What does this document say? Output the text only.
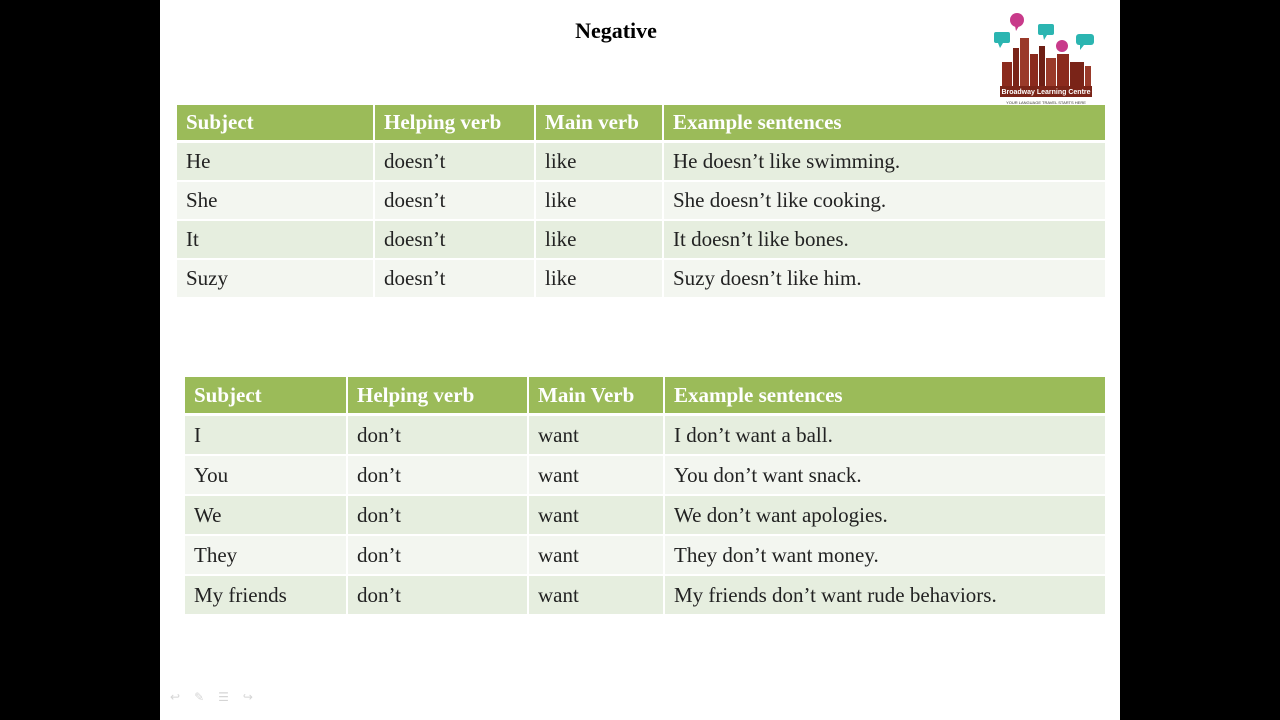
Negative
Broadway Learning Centre
YOUR LANGUAGE TRAVEL STARTS HERE
Subject	Helping verb	Main verb	Example sentences
He	doesn’t	like	He doesn’t like swimming.
She	doesn’t	like	She doesn’t like cooking.
It	doesn’t	like	It doesn’t like bones.
Suzy	doesn’t	like	Suzy doesn’t like him.
Subject	Helping verb	Main Verb	Example sentences
I	don’t	want	I don’t want a ball.
You	don’t	want	You don’t want snack.
We	don’t	want	We don’t want apologies.
They	don’t	want	They don’t want money.
My friends	don’t	want	My friends don’t want rude behaviors.
↩ ✎ ☰ ↪
